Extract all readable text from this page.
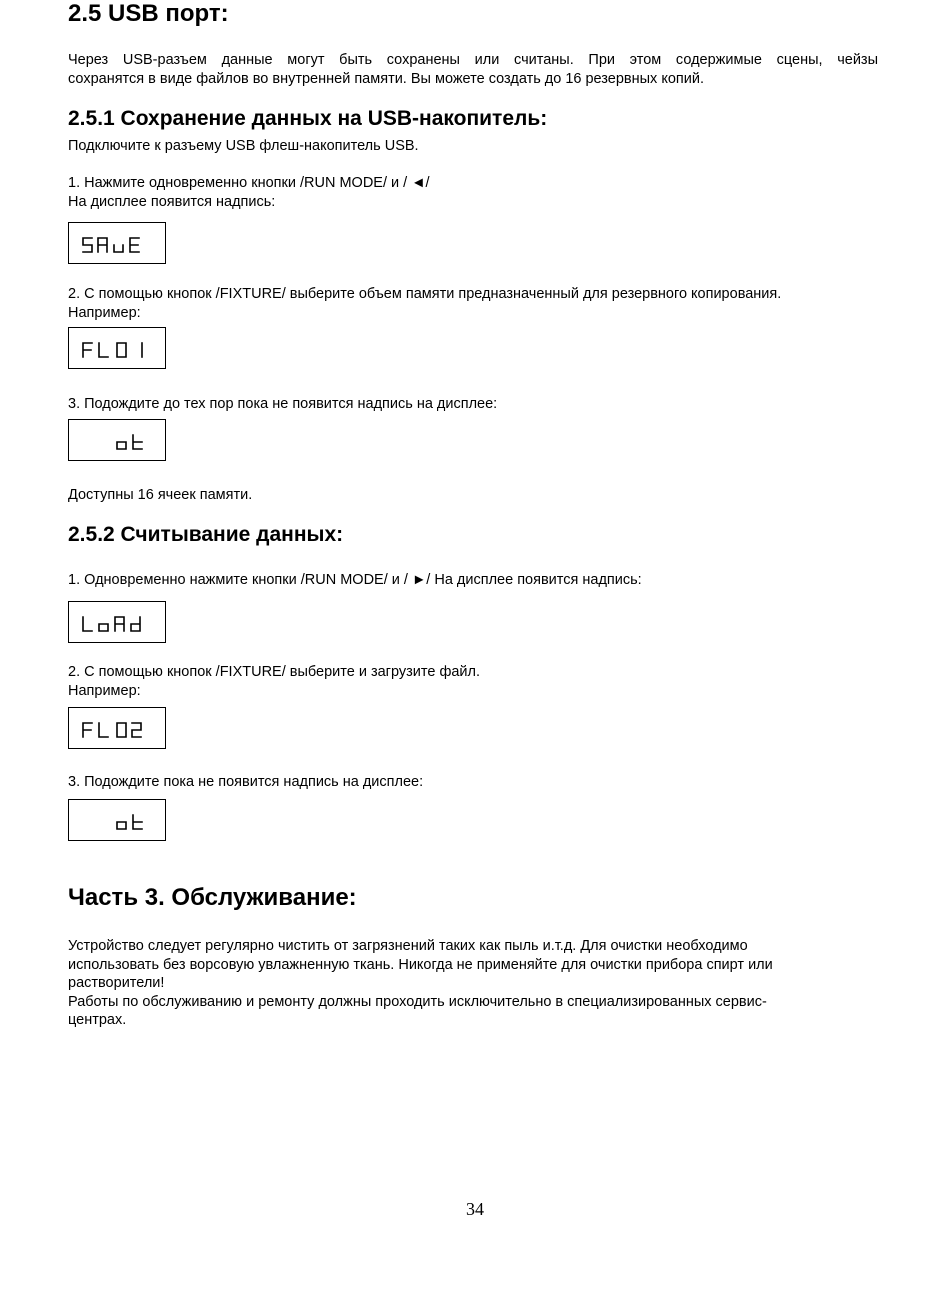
2.5 USB порт:
Через USB-разъем данные могут быть сохранены или считаны. При этом содержимые сцены, чейзы
сохранятся в виде файлов во внутренней памяти. Вы можете создать до 16 резервных копий.
2.5.1 Сохранение данных на USB-накопитель:
Подключите к разъему USB флеш-накопитель USB.
1. Нажмите одновременно кнопки /RUN MODE/ и / ◄/
На дисплее появится надпись:
2. С помощью кнопок /FIXTURE/ выберите объем памяти предназначенный для резервного копирования.
Например:
3. Подождите до тех пор пока не появится надпись на дисплее:
Доступны 16 ячеек памяти.
2.5.2 Считывание данных:
1. Одновременно нажмите кнопки /RUN MODE/ и / ►/ На дисплее появится надпись:
2. С помощью кнопок /FIXTURE/ выберите и загрузите файл.
Например:
3. Подождите пока не появится надпись на дисплее:
Часть 3. Обслуживание:
Устройство следует регулярно чистить от загрязнений таких как пыль и.т.д. Для очистки необходимо
использовать без ворсовую увлажненную ткань. Никогда не применяйте для очистки прибора спирт или
растворители!
Работы по обслуживанию и ремонту должны проходить исключительно в специализированных сервис-
центрах.
34
